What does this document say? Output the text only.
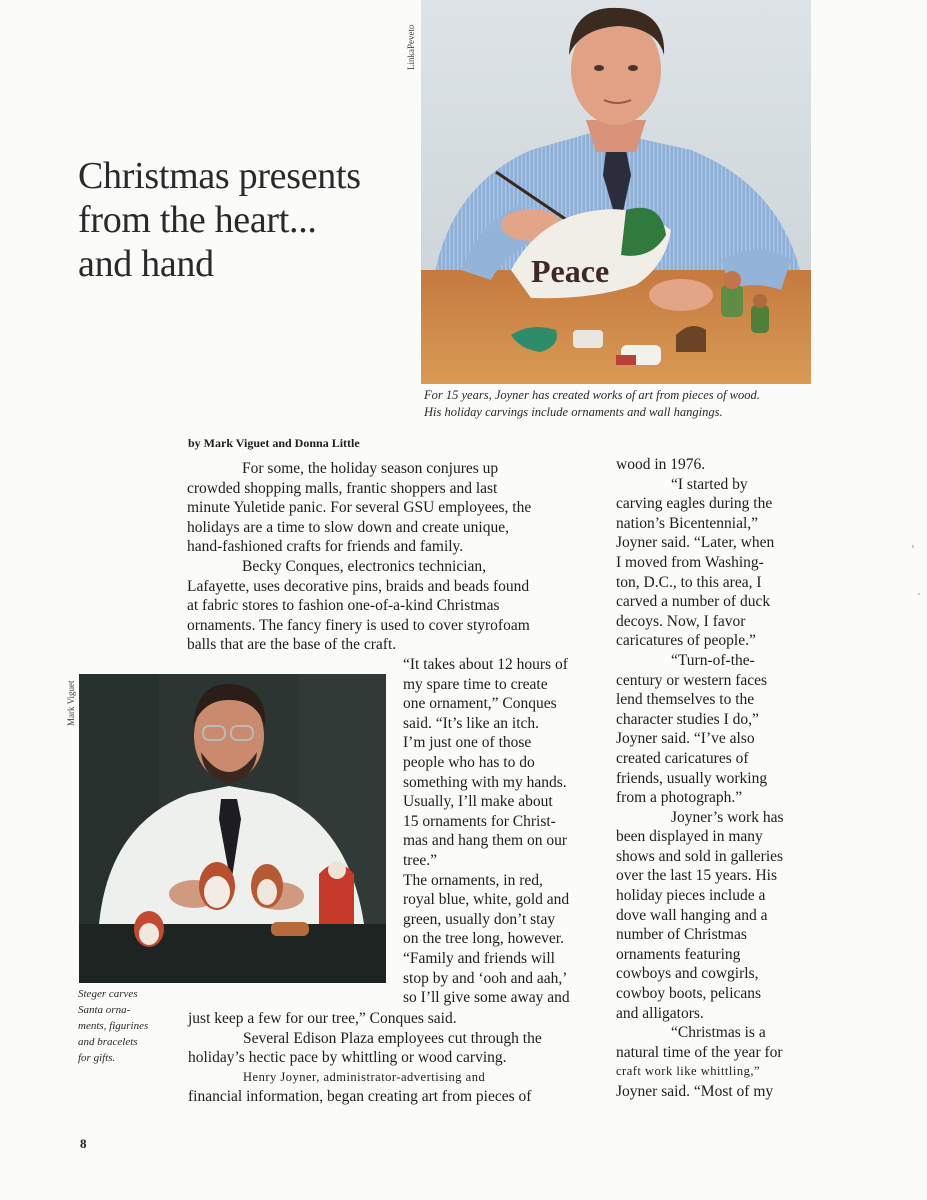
Christmas presents
from the heart...
and hand
LinkaPeveto
Peace
For 15 years, Joyner has created works of art from pieces of wood.
His holiday carvings include ornaments and wall hangings.
by Mark Viguet and Donna Little

For some, the holiday season conjures up

crowded shopping malls, frantic shoppers and last

minute Yuletide panic. For several GSU employees, the

holidays are a time to slow down and create unique,

hand-fashioned crafts for friends and family.

Becky Conques, electronics technician,

Lafayette, uses decorative pins, braids and beads found

at fabric stores to fashion one-of-a-kind Christmas

ornaments. The fancy finery is used to cover styrofoam

balls that are the base of the craft.

Mark Viguet
Steger carves
Santa orna-
ments, figurines
and bracelets
for gifts.

“It takes about 12 hours of

my spare time to create

one ornament,” Conques

said. “It’s like an itch.

I’m just one of those

people who has to do

something with my hands.

Usually, I’ll make about

15 ornaments for Christ-

mas and hang them on our

tree.”

The ornaments, in red,

royal blue, white, gold and

green, usually don’t stay

on the tree long, however.

“Family and friends will

stop by and ‘ooh and aah,’

so I’ll give some away and

just keep a few for our tree,” Conques said.

Several Edison Plaza employees cut through the

holiday’s hectic pace by whittling or wood carving.

Henry Joyner, administrator-advertising and

financial information, began creating art from pieces of

wood in 1976.

“I started by

carving eagles during the

nation’s Bicentennial,”

Joyner said. “Later, when

I moved from Washing-

ton, D.C., to this area, I

carved a number of duck

decoys. Now, I favor

caricatures of people.”

“Turn-of-the-

century or western faces

lend themselves to the

character studies I do,”

Joyner said. “I’ve also

created caricatures of

friends, usually working

from a photograph.”

Joyner’s work has

been displayed in many

shows and sold in galleries

over the last 15 years. His

holiday pieces include a

dove wall hanging and a

number of Christmas

ornaments featuring

cowboys and cowgirls,

cowboy boots, pelicans

and alligators.

“Christmas is a

natural time of the year for

craft work like whittling,”

Joyner said. “Most of my

8
